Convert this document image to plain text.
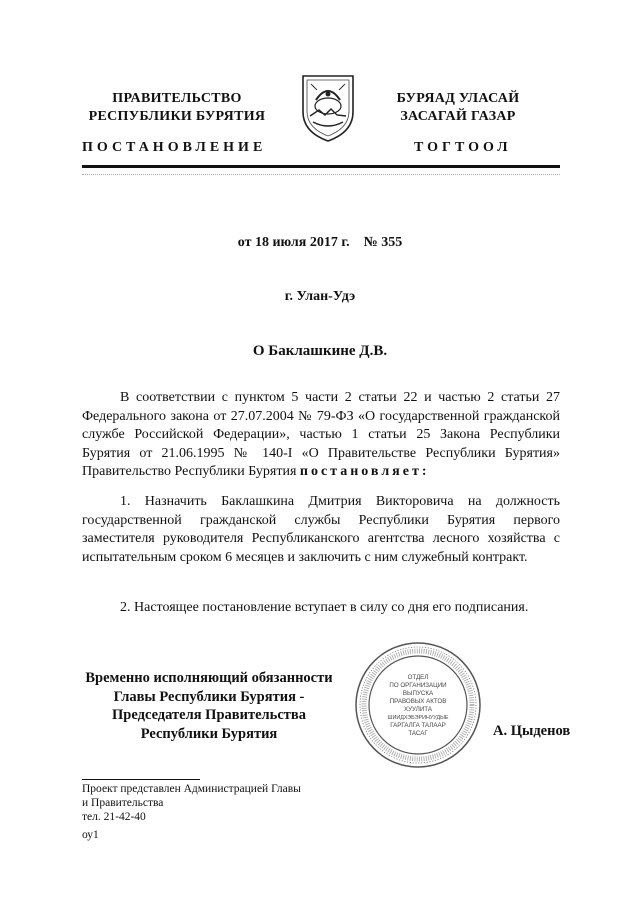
ПРАВИТЕЛЬСТВО
РЕСПУБЛИКИ БУРЯТИЯ
БУРЯАД УЛАСАЙ
ЗАСАГАЙ ГАЗАР
ПОСТАНОВЛЕНИЕ	ТОГТООЛ
от 18 июля 2017 г. № 355
г. Улан-Удэ
О Баклашкине Д.В.

В соответствии с пунктом 5 части 2 статьи 22 и частью 2 статьи 27 Федерального закона от 27.07.2004 № 79-ФЗ «О государственной гражданской службе Российской Федерации», частью 1 статьи 25 Закона Республики Бурятия от 21.06.1995 № 140-I «О Правительстве Республики Бурятия» Правительство Республики Бурятия постановляет:

1. Назначить Баклашкина Дмитрия Викторовича на должность государственной гражданской службы Республики Бурятия первого заместителя руководителя Республиканского агентства лесного хозяйства с испытательным сроком 6 месяцев и заключить с ним служебный контракт.

2. Настоящее постановление вступает в силу со дня его подписания.

Временно исполняющий обязанности
Главы Республики Бурятия -
Председателя Правительства
Республики Бурятия
ОТДЕЛ
ПО ОРГАНИЗАЦИИ
ВЫПУСКА
ПРАВОВЫХ АКТОВ
ХУУЛИТА
ШИИДХЭБЭРИНУУДЫЕ
ГАРГАЛГА ТАЛААР
ТАСАГ	А. Цыденов
Проект представлен Администрацией Главы
и Правительства
тел. 21-42-40
оу1
